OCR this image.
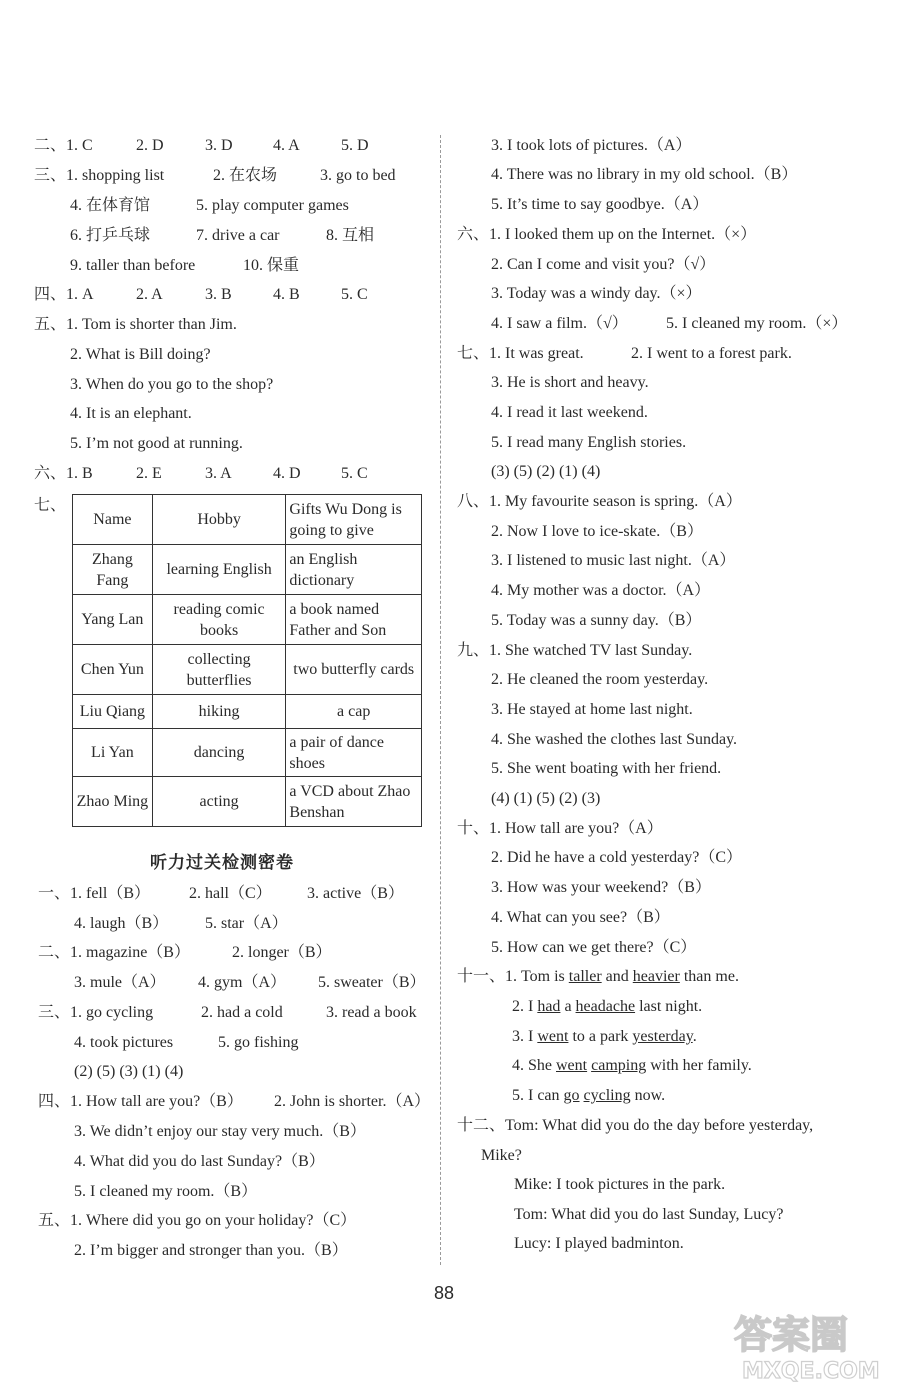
二、1. C	2. D	3. D	4. A	5. D
三、1. shopping list	2. 在农场	3. go to bed
4. 在体育馆	5. play computer games
6. 打乒乓球	7. drive a car	8. 互相
9. taller than before	10. 保重
四、1. A	2. A	3. B	4. B	5. C
五、1. Tom is shorter than Jim.
2. What is Bill doing?
3. When do you go to the shop?
4. It is an elephant.
5. I’m not good at running.
六、1. B	2. E	3. A	4. D	5. C
七、
Name	Hobby	Gifts Wu Dong is going to give
Zhang Fang	learning English	an English dictionary
Yang Lan	reading comic books	a book named Father and Son
Chen Yun	collecting butterflies	two butterfly cards
Liu Qiang	hiking	a cap
Li Yan	dancing	a pair of dance shoes
Zhao Ming	acting	a VCD about Zhao Benshan
听力过关检测密卷
一、1. fell（B） 2. hall（C） 3. active（B）
4. laugh（B） 5. star（A）
二、1. magazine（B）	2. longer（B）
3. mule（A） 4. gym（A） 5. sweater（B）
三、1. go cycling	2. had a cold	3. read a book
4. took pictures	5. go fishing
(2) (5) (3) (1) (4)
四、1. How tall are you?（B） 2. John is shorter.（A）
3. We didn’t enjoy our stay very much.（B）
4. What did you do last Sunday?（B）
5. I cleaned my room.（B）
五、1. Where did you go on your holiday?（C）
2. I’m bigger and stronger than you.（B）
3. I took lots of pictures.（A）
4. There was no library in my old school.（B）
5. It’s time to say goodbye.（A）
六、1. I looked them up on the Internet.（×）
2. Can I come and visit you?（√）
3. Today was a windy day.（×）
4. I saw a film.（√） 5. I cleaned my room.（×）
七、1. It was great.	2. I went to a forest park.
3. He is short and heavy.
4. I read it last weekend.
5. I read many English stories.
(3) (5) (2) (1) (4)
八、1. My favourite season is spring.（A）
2. Now I love to ice-skate.（B）
3. I listened to music last night.（A）
4. My mother was a doctor.（A）
5. Today was a sunny day.（B）
九、1. She watched TV last Sunday.
2. He cleaned the room yesterday.
3. He stayed at home last night.
4. She washed the clothes last Sunday.
5. She went boating with her friend.
(4) (1) (5) (2) (3)
十、1. How tall are you?（A）
2. Did he have a cold yesterday?（C）
3. How was your weekend?（B）
4. What can you see?（B）
5. How can we get there?（C）
十一、1. Tom is taller and heavier than me.
2. I had a headache last night.
3. I went to a park yesterday.
4. She went camping with her family.
5. I can go cycling now.
十二、Tom: What did you do the day before yesterday,
Mike?
Mike: I took pictures in the park.
Tom: What did you do last Sunday, Lucy?
Lucy: I played badminton.
88
答案圈
MXQE.COM
